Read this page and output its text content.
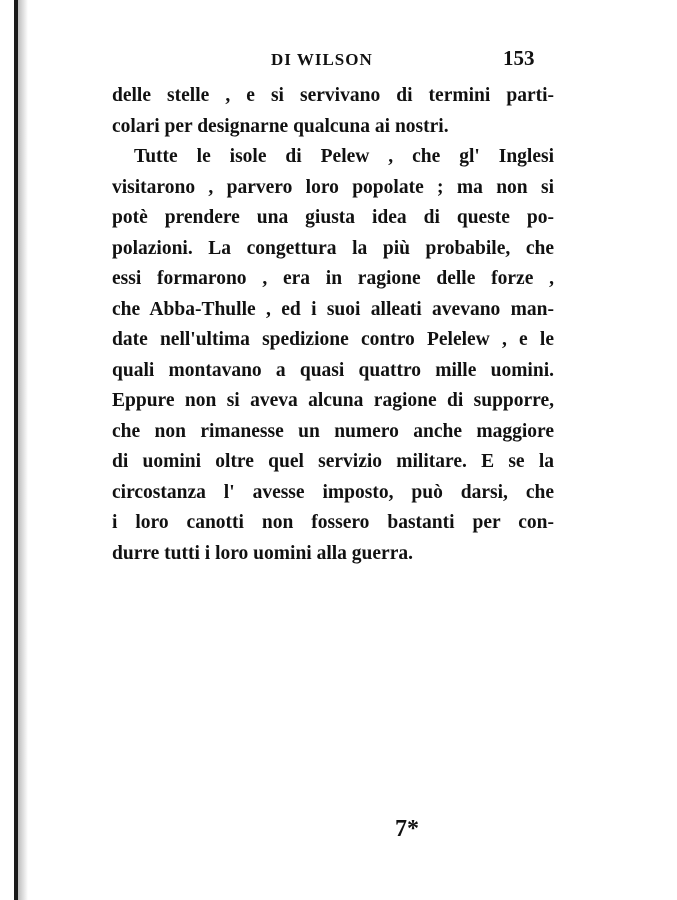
DI WILSON	153
delle stelle , e si servivano di termini parti-
colari per designarne qualcuna ai nostri.
Tutte le isole di Pelew , che gl' Inglesi
visitarono , parvero loro popolate ; ma non si
potè prendere una giusta idea di queste po-
polazioni. La congettura la più probabile, che
essi formarono , era in ragione delle forze ,
che Abba-Thulle , ed i suoi alleati avevano man-
date nell'ultima spedizione contro Pelelew , e le
quali montavano a quasi quattro mille uomini.
Eppure non si aveva alcuna ragione di supporre,
che non rimanesse un numero anche maggiore
di uomini oltre quel servizio militare. E se la
circostanza l' avesse imposto, può darsi, che
i loro canotti non fossero bastanti per con-
durre tutti i loro uomini alla guerra.
7*
